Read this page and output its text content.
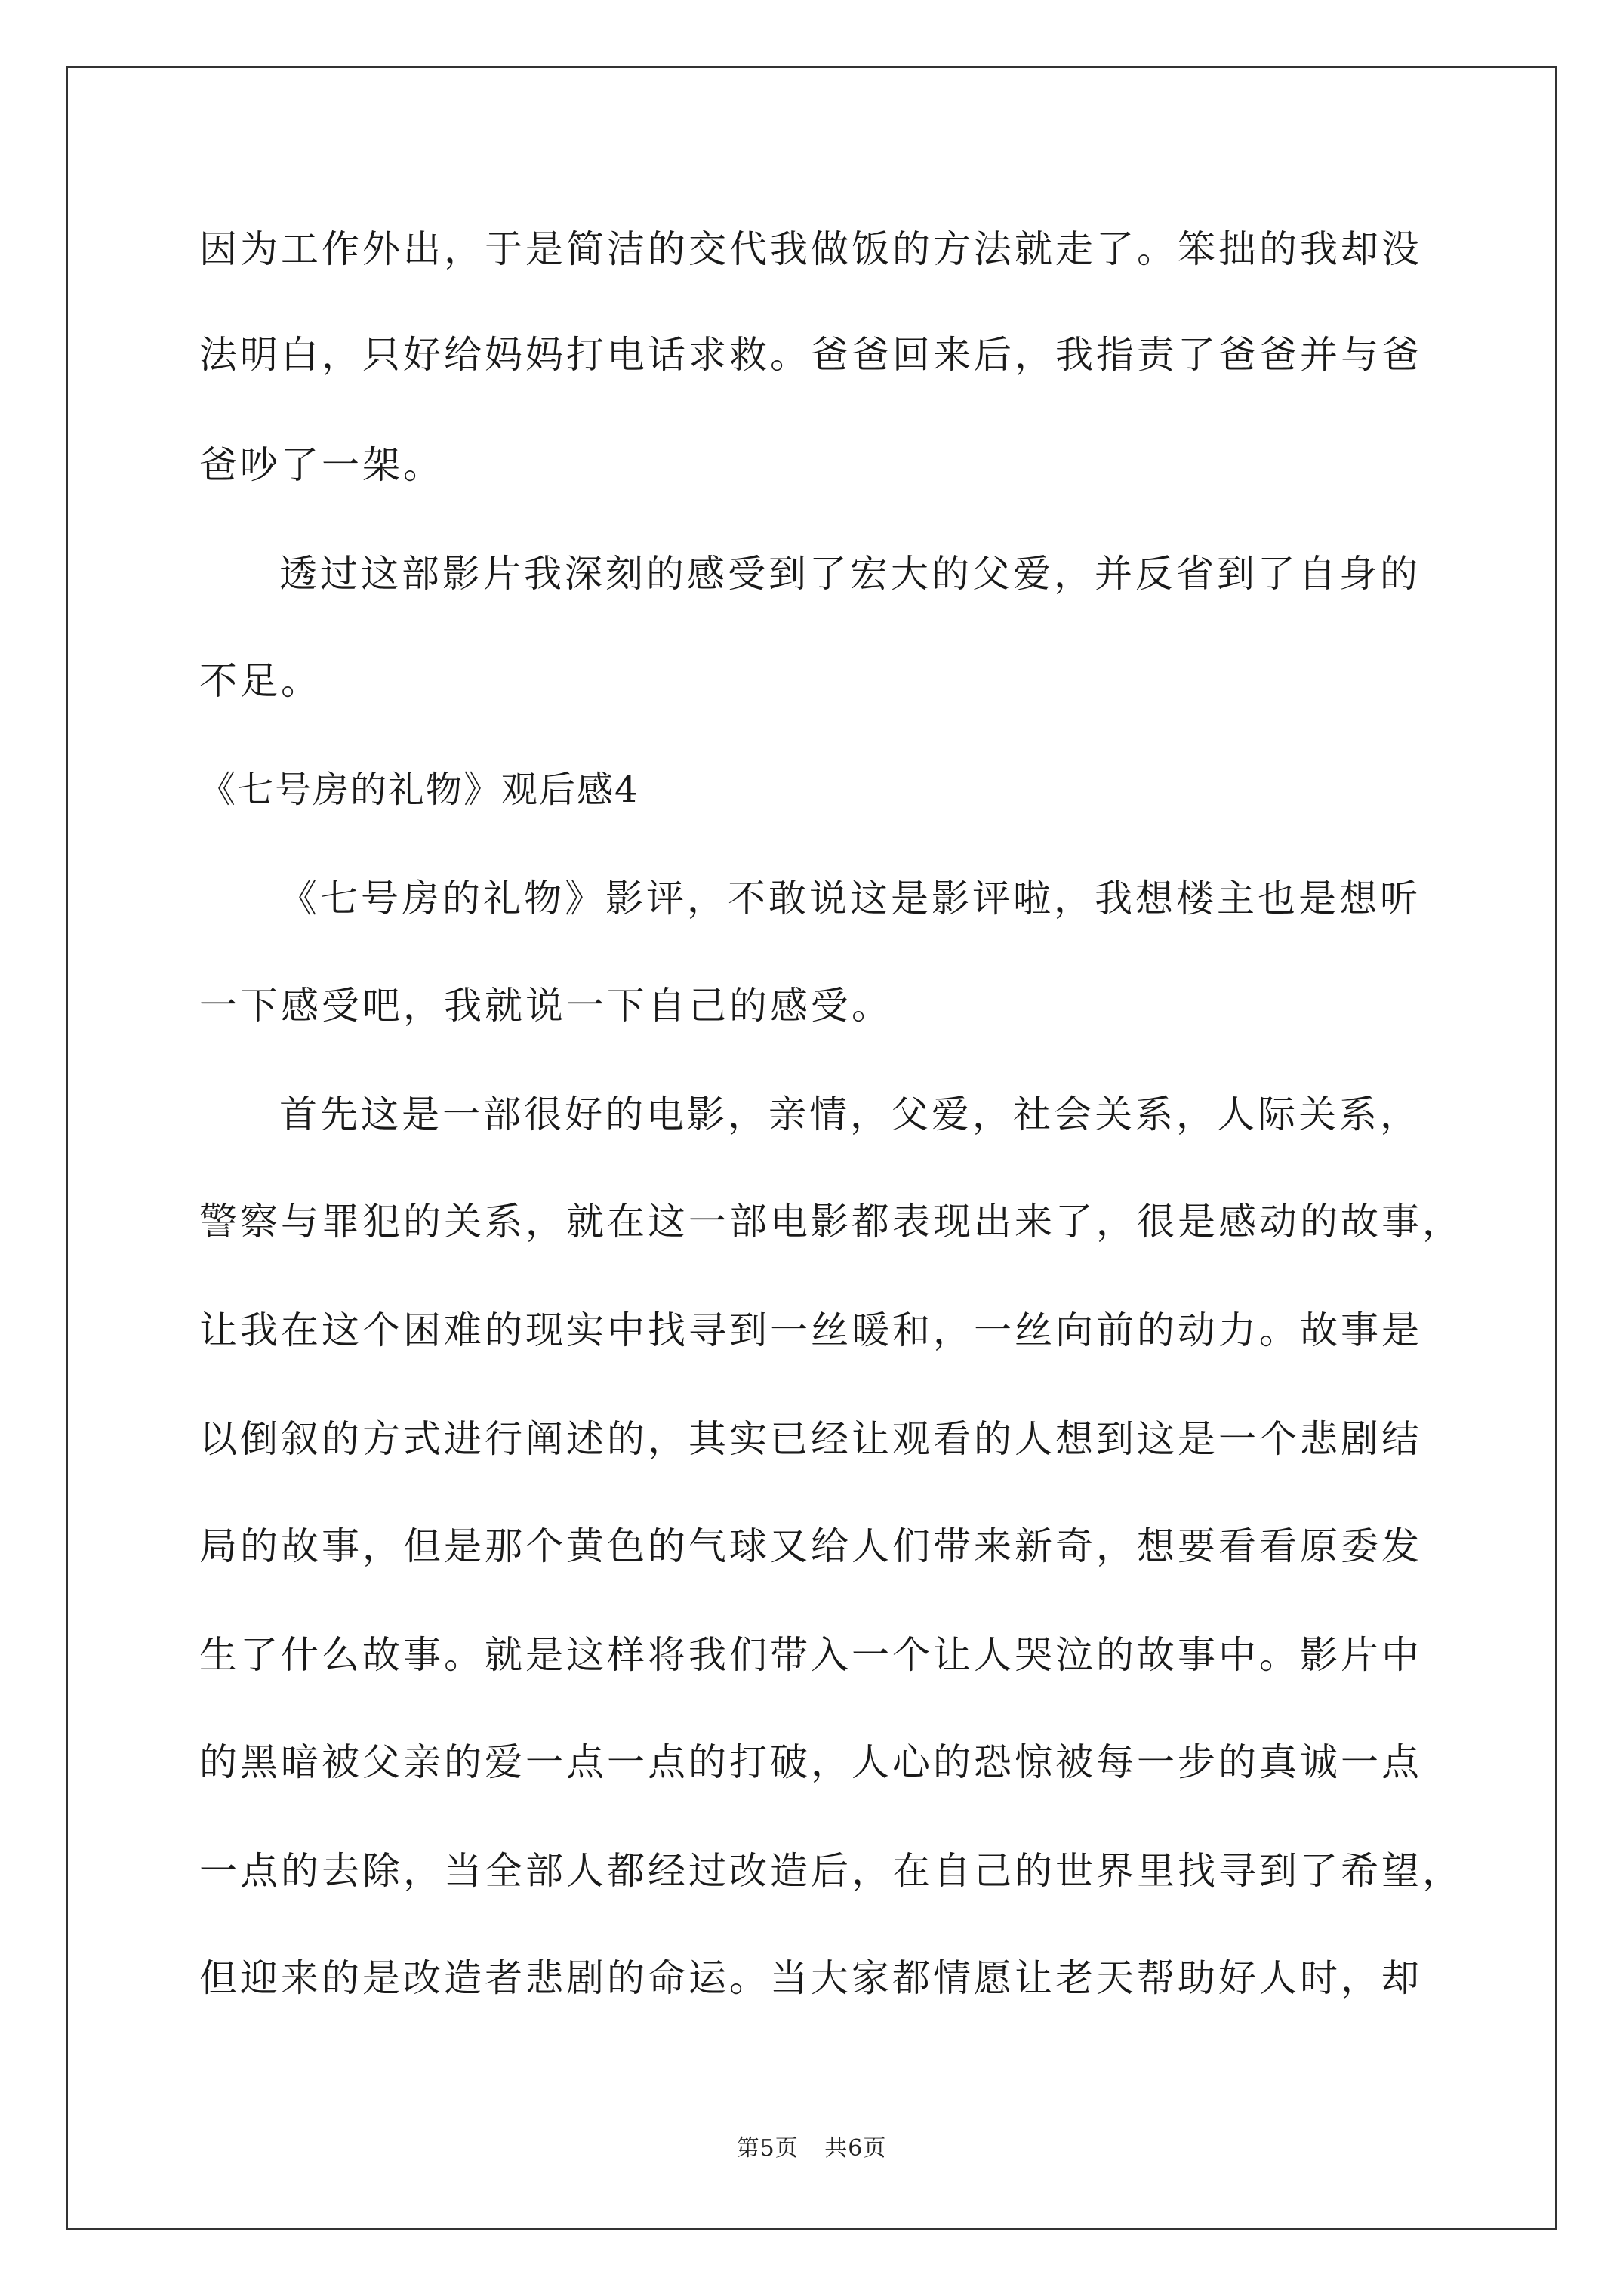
因为工作外出，于是简洁的交代我做饭的方法就走了。笨拙的我却没
法明白，只好给妈妈打电话求救。爸爸回来后，我指责了爸爸并与爸
爸吵了一架。
透过这部影片我深刻的感受到了宏大的父爱，并反省到了自身的
不足。
《七号房的礼物》观后感4
《七号房的礼物》影评，不敢说这是影评啦，我想楼主也是想听
一下感受吧，我就说一下自己的感受。
首先这是一部很好的电影，亲情，父爱，社会关系，人际关系，
警察与罪犯的关系，就在这一部电影都表现出来了，很是感动的故事，
让我在这个困难的现实中找寻到一丝暖和，一丝向前的动力。故事是
以倒叙的方式进行阐述的，其实已经让观看的人想到这是一个悲剧结
局的故事，但是那个黄色的气球又给人们带来新奇，想要看看原委发
生了什么故事。就是这样将我们带入一个让人哭泣的故事中。影片中
的黑暗被父亲的爱一点一点的打破，人心的恐惊被每一步的真诚一点
一点的去除，当全部人都经过改造后，在自己的世界里找寻到了希望，
但迎来的是改造者悲剧的命运。当大家都情愿让老天帮助好人时，却
第5页 共6页
